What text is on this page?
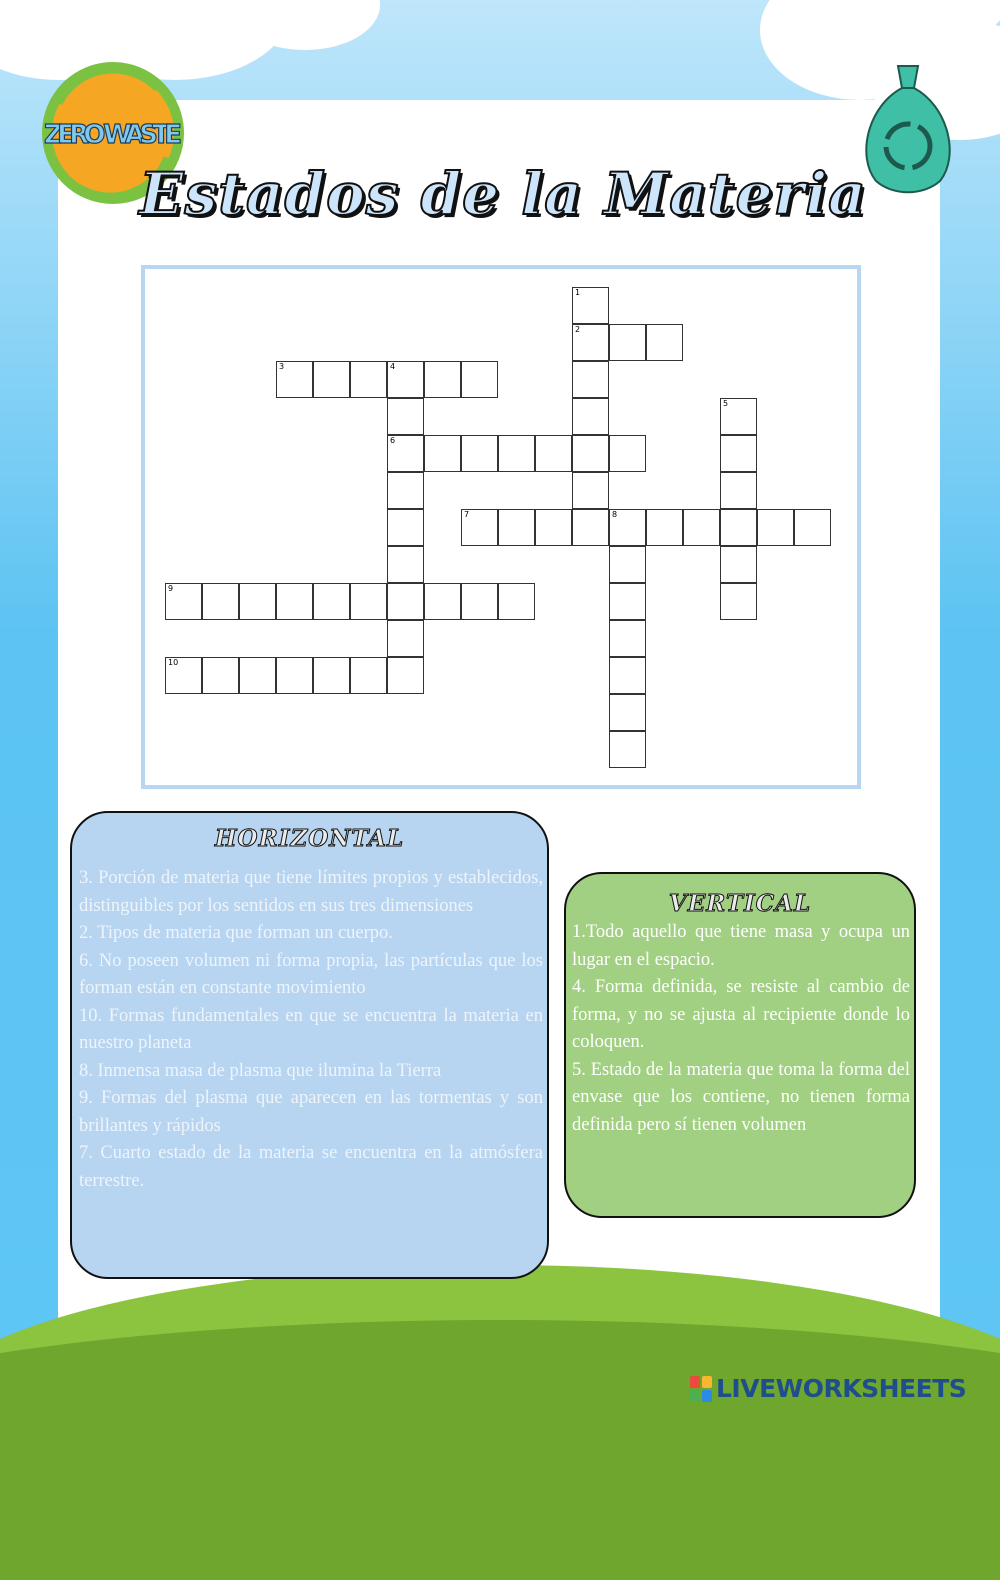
ZERO WASTE
Estados de la Materia
1
2
3	4
6
5
7	8
9
10
HORIZONTAL
3. Porción de materia que tiene límites propios y establecidos, distinguibles por los sentidos en sus tres dimensiones
2. Tipos de materia que forman un cuerpo.
6. No poseen volumen ni forma propia, las partículas que los forman están en constante movimiento
10. Formas fundamentales en que se encuentra la materia en nuestro planeta
8. Inmensa masa de plasma que ilumina la Tierra
9. Formas del plasma que aparecen en las tormentas y son brillantes y rápidos
7. Cuarto estado de la materia se encuentra en la atmósfera terrestre.
VERTICAL
1.Todo aquello que tiene masa y ocupa un lugar en el espacio.
4. Forma definida, se resiste al cambio de forma, y no se ajusta al recipiente donde lo coloquen.
5. Estado de la materia que toma la forma del envase que los contiene, no tienen forma definida pero sí tienen volumen
LIVEWORKSHEETS
